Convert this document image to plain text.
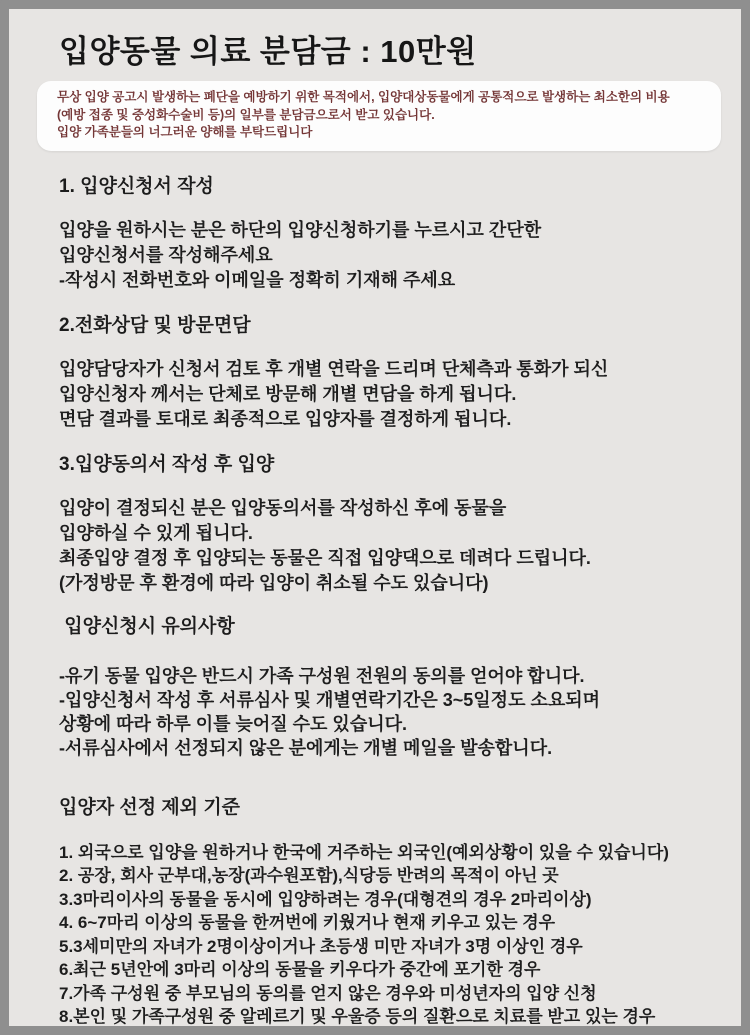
입양동물 의료 분담금 : 10만원
무상 입양 공고시 발생하는 폐단을 예방하기 위한 목적에서, 입양대상동물에게 공통적으로 발생하는 최소한의 비용
(예방 접종 및 중성화수술비 등)의 일부를 분담금으로서 받고 있습니다.
입양 가족분들의 너그러운 양해를 부탁드립니다
1. 입양신청서 작성
입양을 원하시는 분은 하단의 입양신청하기를 누르시고 간단한
입양신청서를 작성해주세요
-작성시 전화번호와 이메일을 정확히 기재해 주세요
2.전화상담 및 방문면담
입양담당자가 신청서 검토 후 개별 연락을 드리며 단체측과 통화가 되신
입양신청자 께서는 단체로 방문해 개별 면담을 하게 됩니다.
면담 결과를 토대로 최종적으로 입양자를 결정하게 됩니다.
3.입양동의서 작성 후 입양
입양이 결정되신 분은 입양동의서를 작성하신 후에 동물을
입양하실 수 있게 됩니다.
최종입양 결정 후 입양되는 동물은 직접 입양댁으로 데려다 드립니다.
(가정방문 후 환경에 따라 입양이 취소될 수도 있습니다)
입양신청시 유의사항
-유기 동물 입양은 반드시 가족 구성원 전원의 동의를 얻어야 합니다.
-입양신청서 작성 후 서류심사 및 개별연락기간은 3~5일정도 소요되며
상황에 따라 하루 이틀 늦어질 수도 있습니다.
-서류심사에서 선정되지 않은 분에게는 개별 메일을 발송합니다.
입양자 선정 제외 기준
1. 외국으로 입양을 원하거나 한국에 거주하는 외국인(예외상황이 있을 수 있습니다)
2. 공장, 회사 군부대,농장(과수원포함),식당등 반려의 목적이 아닌 곳
3.3마리이사의 동물을 동시에 입양하려는 경우(대형견의 경우 2마리이상)
4. 6~7마리 이상의 동물을 한꺼번에 키웠거나 현재 키우고 있는 경우
5.3세미만의 자녀가 2명이상이거나 초등생 미만 자녀가 3명 이상인 경우
6.최근 5년안에 3마리 이상의 동물을 키우다가 중간에 포기한 경우
7.가족 구성원 중 부모님의 동의를 얻지 않은 경우와 미성년자의 입양 신청
8.본인 및 가족구성원 중 알레르기 및 우울증 등의 질환으로 치료를 받고 있는 경우
